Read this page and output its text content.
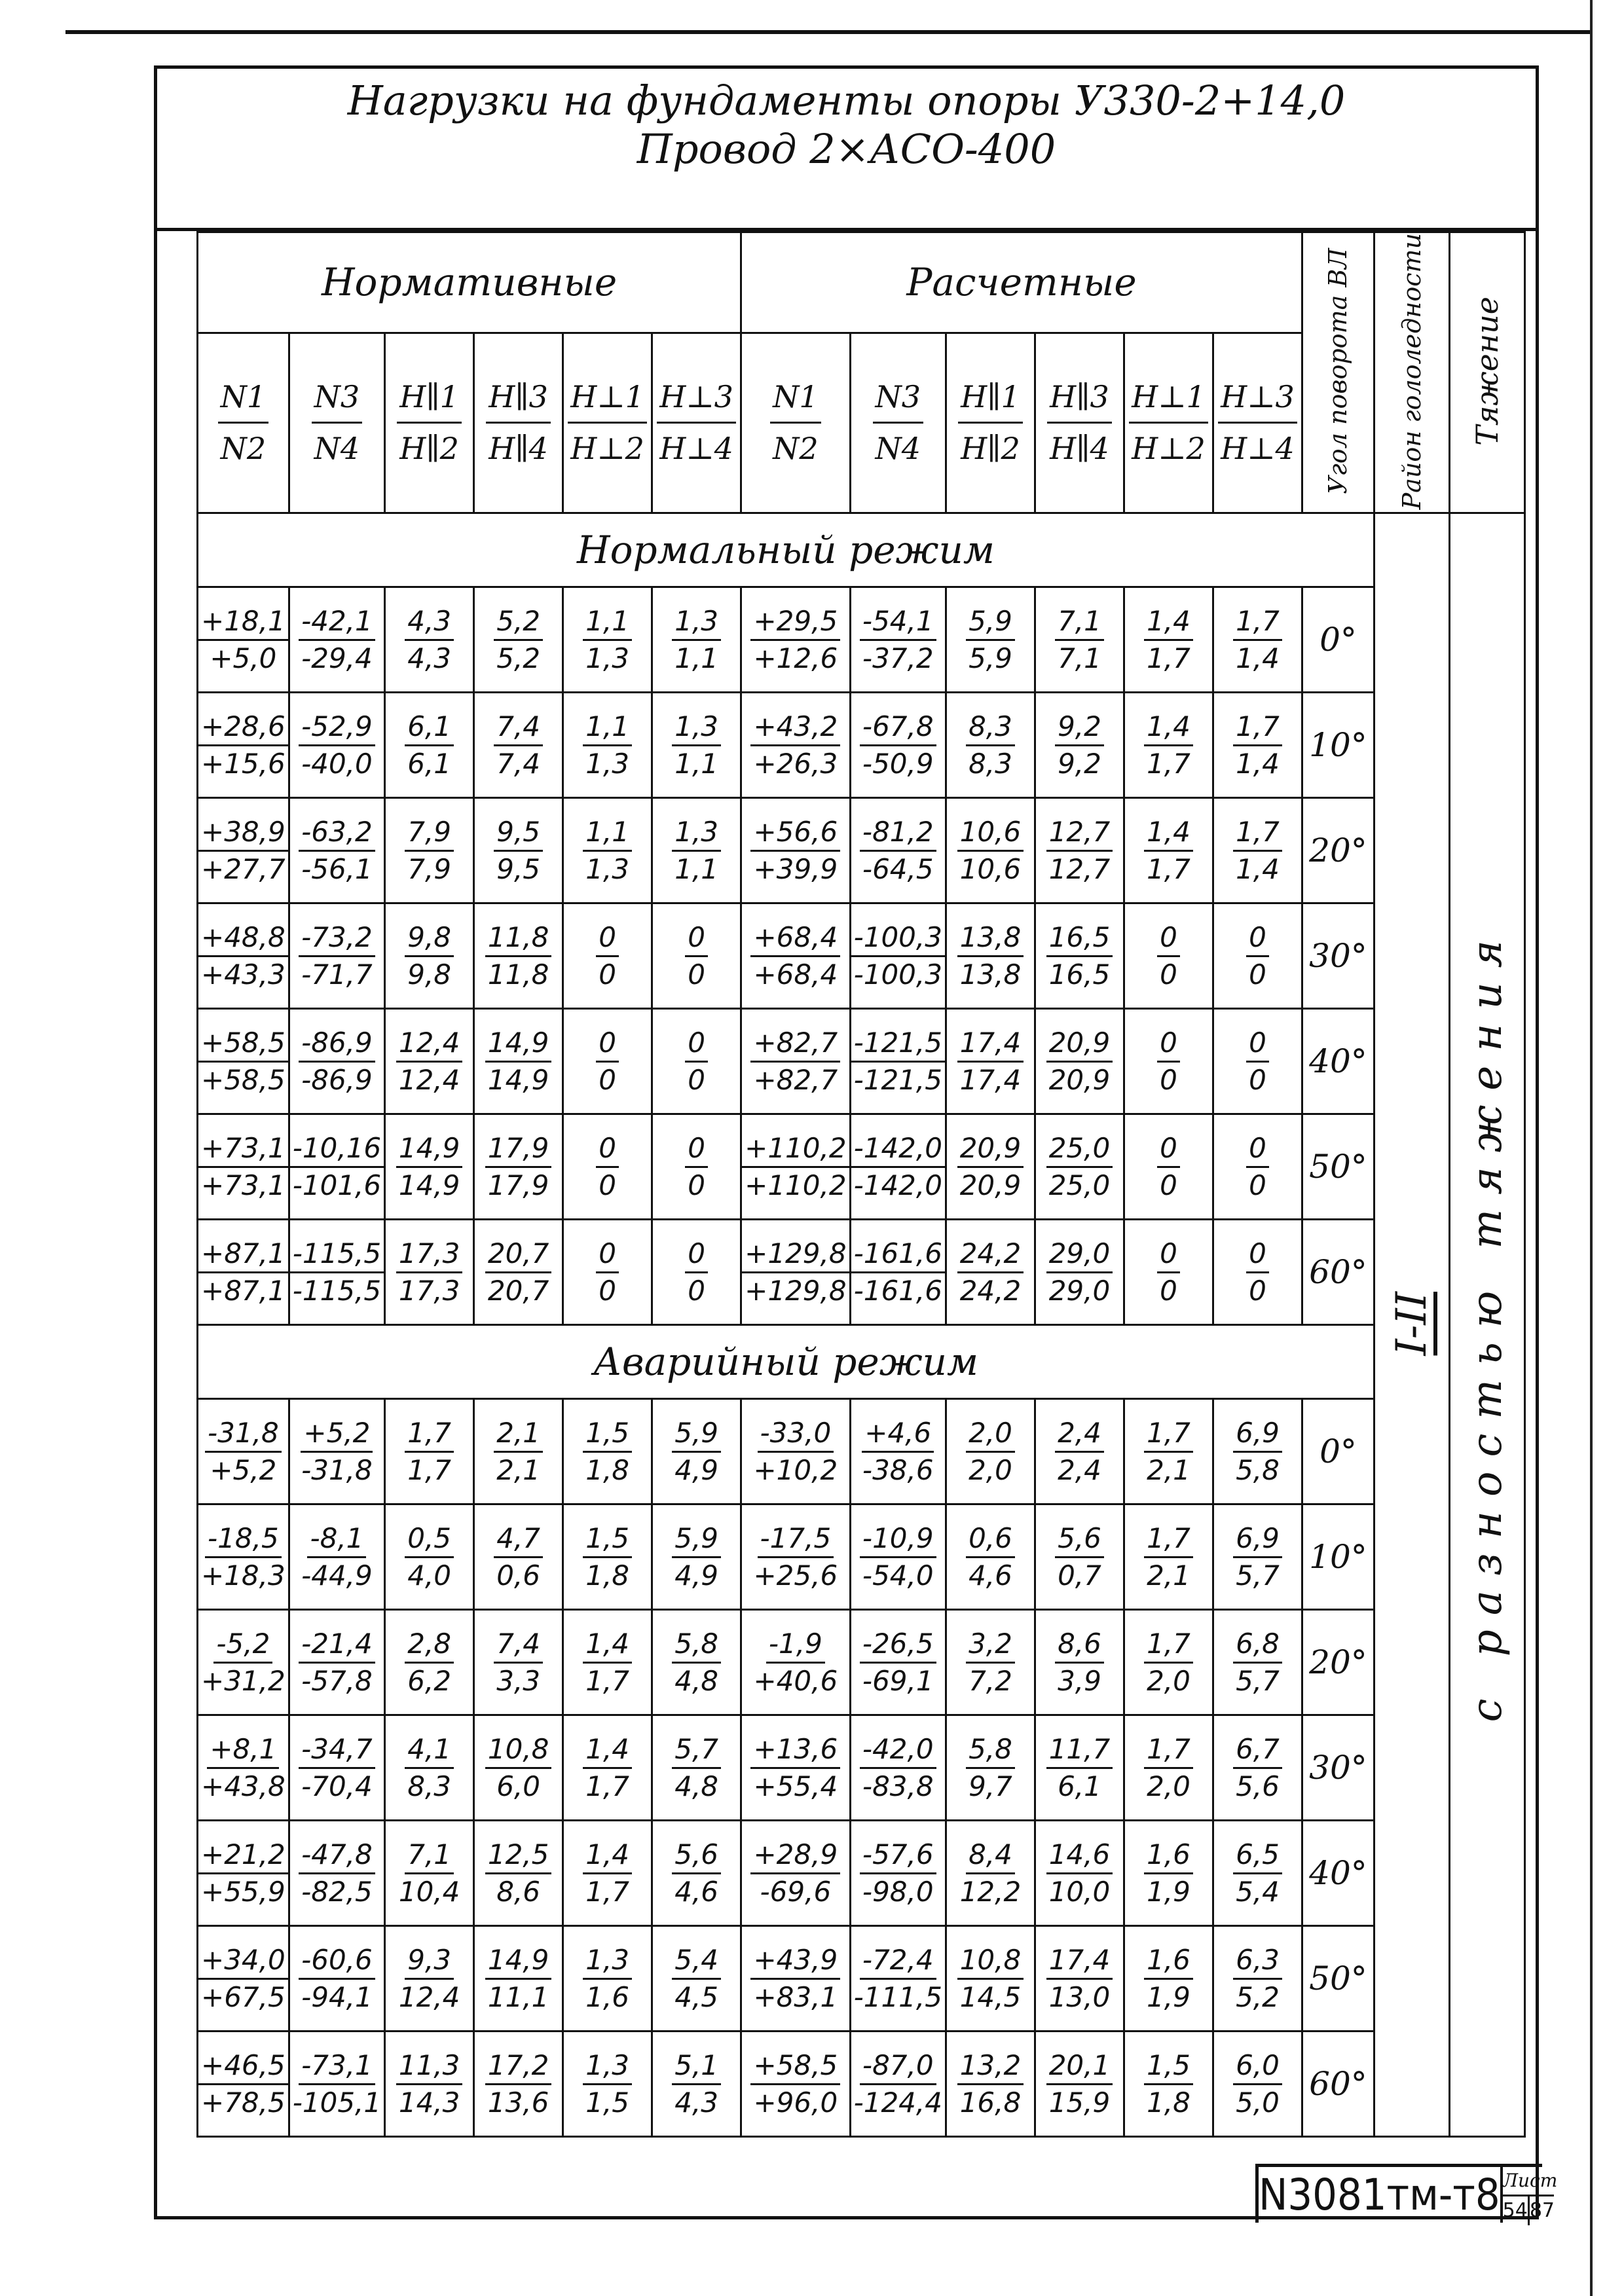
Нагрузки на фундаменты опоры У330-2+14,0
Провод 2×АСО-400
Нормативные						Расчетные						Угол поворота ВЛ	Район гололедности	Тяжение

$\frac{N1}{N2}$	$\frac{N3}{N4}$	$\frac{H\parallel 1}{H\parallel 2}$	$\frac{H\parallel 3}{H\parallel 4}$	$\frac{H\perp 1}{H\perp 2}$	$\frac{H\perp 3}{H\perp 4}$	$\frac{N1}{N2}$	$\frac{N3}{N4}$	$\frac{H\parallel 1}{H\parallel 2}$	$\frac{H\parallel 3}{H\parallel 4}$	$\frac{H\perp 1}{H\perp 2}$	$\frac{H\perp 3}{H\perp 4}$

Нормальный режим													I-II	с разностью тяжения

$\frac{+18,1}{+5,0}$	$\frac{-42,1}{-29,4}$	$\frac{4,3}{4,3}$	$\frac{5,2}{5,2}$	$\frac{1,1}{1,3}$	$\frac{1,3}{1,1}$	$\frac{+29,5}{+12,6}$	$\frac{-54,1}{-37,2}$	$\frac{5,9}{5,9}$	$\frac{7,1}{7,1}$	$\frac{1,4}{1,7}$	$\frac{1,7}{1,4}$	0°		

$\frac{+28,6}{+15,6}$	$\frac{-52,9}{-40,0}$	$\frac{6,1}{6,1}$	$\frac{7,4}{7,4}$	$\frac{1,1}{1,3}$	$\frac{1,3}{1,1}$	$\frac{+43,2}{+26,3}$	$\frac{-67,8}{-50,9}$	$\frac{8,3}{8,3}$	$\frac{9,2}{9,2}$	$\frac{1,4}{1,7}$	$\frac{1,7}{1,4}$	10°		

$\frac{+38,9}{+27,7}$	$\frac{-63,2}{-56,1}$	$\frac{7,9}{7,9}$	$\frac{9,5}{9,5}$	$\frac{1,1}{1,3}$	$\frac{1,3}{1,1}$	$\frac{+56,6}{+39,9}$	$\frac{-81,2}{-64,5}$	$\frac{10,6}{10,6}$	$\frac{12,7}{12,7}$	$\frac{1,4}{1,7}$	$\frac{1,7}{1,4}$	20°		

$\frac{+48,8}{+43,3}$	$\frac{-73,2}{-71,7}$	$\frac{9,8}{9,8}$	$\frac{11,8}{11,8}$	$\frac{0}{0}$	$\frac{0}{0}$	$\frac{+68,4}{+68,4}$	$\frac{-100,3}{-100,3}$	$\frac{13,8}{13,8}$	$\frac{16,5}{16,5}$	$\frac{0}{0}$	$\frac{0}{0}$	30°		

$\frac{+58,5}{+58,5}$	$\frac{-86,9}{-86,9}$	$\frac{12,4}{12,4}$	$\frac{14,9}{14,9}$	$\frac{0}{0}$	$\frac{0}{0}$	$\frac{+82,7}{+82,7}$	$\frac{-121,5}{-121,5}$	$\frac{17,4}{17,4}$	$\frac{20,9}{20,9}$	$\frac{0}{0}$	$\frac{0}{0}$	40°		

$\frac{+73,1}{+73,1}$	$\frac{-10,16}{-101,6}$	$\frac{14,9}{14,9}$	$\frac{17,9}{17,9}$	$\frac{0}{0}$	$\frac{0}{0}$	$\frac{+110,2}{+110,2}$	$\frac{-142,0}{-142,0}$	$\frac{20,9}{20,9}$	$\frac{25,0}{25,0}$	$\frac{0}{0}$	$\frac{0}{0}$	50°		

$\frac{+87,1}{+87,1}$	$\frac{-115,5}{-115,5}$	$\frac{17,3}{17,3}$	$\frac{20,7}{20,7}$	$\frac{0}{0}$	$\frac{0}{0}$	$\frac{+129,8}{+129,8}$	$\frac{-161,6}{-161,6}$	$\frac{24,2}{24,2}$	$\frac{29,0}{29,0}$	$\frac{0}{0}$	$\frac{0}{0}$	60°		
Аварийный режим														

$\frac{-31,8}{+5,2}$	$\frac{+5,2}{-31,8}$	$\frac{1,7}{1,7}$	$\frac{2,1}{2,1}$	$\frac{1,5}{1,8}$	$\frac{5,9}{4,9}$	$\frac{-33,0}{+10,2}$	$\frac{+4,6}{-38,6}$	$\frac{2,0}{2,0}$	$\frac{2,4}{2,4}$	$\frac{1,7}{2,1}$	$\frac{6,9}{5,8}$	0°		

$\frac{-18,5}{+18,3}$	$\frac{-8,1}{-44,9}$	$\frac{0,5}{4,0}$	$\frac{4,7}{0,6}$	$\frac{1,5}{1,8}$	$\frac{5,9}{4,9}$	$\frac{-17,5}{+25,6}$	$\frac{-10,9}{-54,0}$	$\frac{0,6}{4,6}$	$\frac{5,6}{0,7}$	$\frac{1,7}{2,1}$	$\frac{6,9}{5,7}$	10°		

$\frac{-5,2}{+31,2}$	$\frac{-21,4}{-57,8}$	$\frac{2,8}{6,2}$	$\frac{7,4}{3,3}$	$\frac{1,4}{1,7}$	$\frac{5,8}{4,8}$	$\frac{-1,9}{+40,6}$	$\frac{-26,5}{-69,1}$	$\frac{3,2}{7,2}$	$\frac{8,6}{3,9}$	$\frac{1,7}{2,0}$	$\frac{6,8}{5,7}$	20°		

$\frac{+8,1}{+43,8}$	$\frac{-34,7}{-70,4}$	$\frac{4,1}{8,3}$	$\frac{10,8}{6,0}$	$\frac{1,4}{1,7}$	$\frac{5,7}{4,8}$	$\frac{+13,6}{+55,4}$	$\frac{-42,0}{-83,8}$	$\frac{5,8}{9,7}$	$\frac{11,7}{6,1}$	$\frac{1,7}{2,0}$	$\frac{6,7}{5,6}$	30°		

$\frac{+21,2}{+55,9}$	$\frac{-47,8}{-82,5}$	$\frac{7,1}{10,4}$	$\frac{12,5}{8,6}$	$\frac{1,4}{1,7}$	$\frac{5,6}{4,6}$	$\frac{+28,9}{-69,6}$	$\frac{-57,6}{-98,0}$	$\frac{8,4}{12,2}$	$\frac{14,6}{10,0}$	$\frac{1,6}{1,9}$	$\frac{6,5}{5,4}$	40°		

$\frac{+34,0}{+67,5}$	$\frac{-60,6}{-94,1}$	$\frac{9,3}{12,4}$	$\frac{14,9}{11,1}$	$\frac{1,3}{1,6}$	$\frac{5,4}{4,5}$	$\frac{+43,9}{+83,1}$	$\frac{-72,4}{-111,5}$	$\frac{10,8}{14,5}$	$\frac{17,4}{13,0}$	$\frac{1,6}{1,9}$	$\frac{6,3}{5,2}$	50°		

$\frac{+46,5}{+78,5}$	$\frac{-73,1}{-105,1}$	$\frac{11,3}{14,3}$	$\frac{17,2}{13,6}$	$\frac{1,3}{1,5}$	$\frac{5,1}{4,3}$	$\frac{+58,5}{+96,0}$	$\frac{-87,0}{-124,4}$	$\frac{13,2}{16,8}$	$\frac{20,1}{15,9}$	$\frac{1,5}{1,8}$	$\frac{6,0}{5,0}$	60°		
N3081тм-т8 Лист
54 87
